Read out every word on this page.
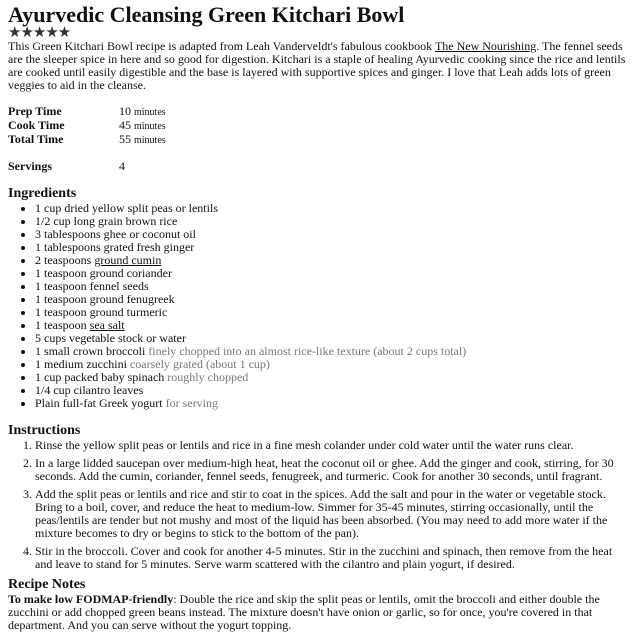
Ayurvedic Cleansing Green Kitchari Bowl
★★★★★

This Green Kitchari Bowl recipe is adapted from Leah Vanderveldt's fabulous cookbook The New Nourishing. The fennel seeds are the sleeper spice in here and so good for digestion. Kitchari is a staple of healing Ayurvedic cooking since the rice and lentils are cooked until easily digestible and the base is layered with supportive spices and ginger. I love that Leah adds lots of green veggies to aid in the cleanse.

Prep Time	10 minutes
Cook Time	45 minutes
Total Time	55 minutes
Servings	4
Ingredients
• 1 cup dried yellow split peas or lentils
• 1/2 cup long grain brown rice
• 3 tablespoons ghee or coconut oil
• 1 tablespoons grated fresh ginger
• 2 teaspoons ground cumin
• 1 teaspoon ground coriander
• 1 teaspoon fennel seeds
• 1 teaspoon ground fenugreek
• 1 teaspoon ground turmeric
• 1 teaspoon sea salt
• 5 cups vegetable stock or water
• 1 small crown broccoli finely chopped into an almost rice-like texture (about 2 cups total)
• 1 medium zucchini coarsely grated (about 1 cup)
• 1 cup packed baby spinach roughly chopped
• 1/4 cup cilantro leaves
• Plain full-fat Greek yogurt for serving
Instructions
1. Rinse the yellow split peas or lentils and rice in a fine mesh colander under cold water until the water runs clear.
2. In a large lidded saucepan over medium-high heat, heat the coconut oil or ghee. Add the ginger and cook, stirring, for 30 seconds. Add the cumin, coriander, fennel seeds, fenugreek, and turmeric. Cook for another 30 seconds, until fragrant.
3. Add the split peas or lentils and rice and stir to coat in the spices. Add the salt and pour in the water or vegetable stock. Bring to a boil, cover, and reduce the heat to medium-low. Simmer for 35-45 minutes, stirring occasionally, until the peas/lentils are tender but not mushy and most of the liquid has been absorbed. (You may need to add more water if the mixture becomes to dry or begins to stick to the bottom of the pan).
4. Stir in the broccoli. Cover and cook for another 4-5 minutes. Stir in the zucchini and spinach, then remove from the heat and leave to stand for 5 minutes. Serve warm scattered with the cilantro and plain yogurt, if desired.
Recipe Notes

To make low FODMAP-friendly: Double the rice and skip the split peas or lentils, omit the broccoli and either double the zucchini or add chopped green beans instead. The mixture doesn't have onion or garlic, so for once, you're covered in that department. And you can serve without the yogurt topping.
